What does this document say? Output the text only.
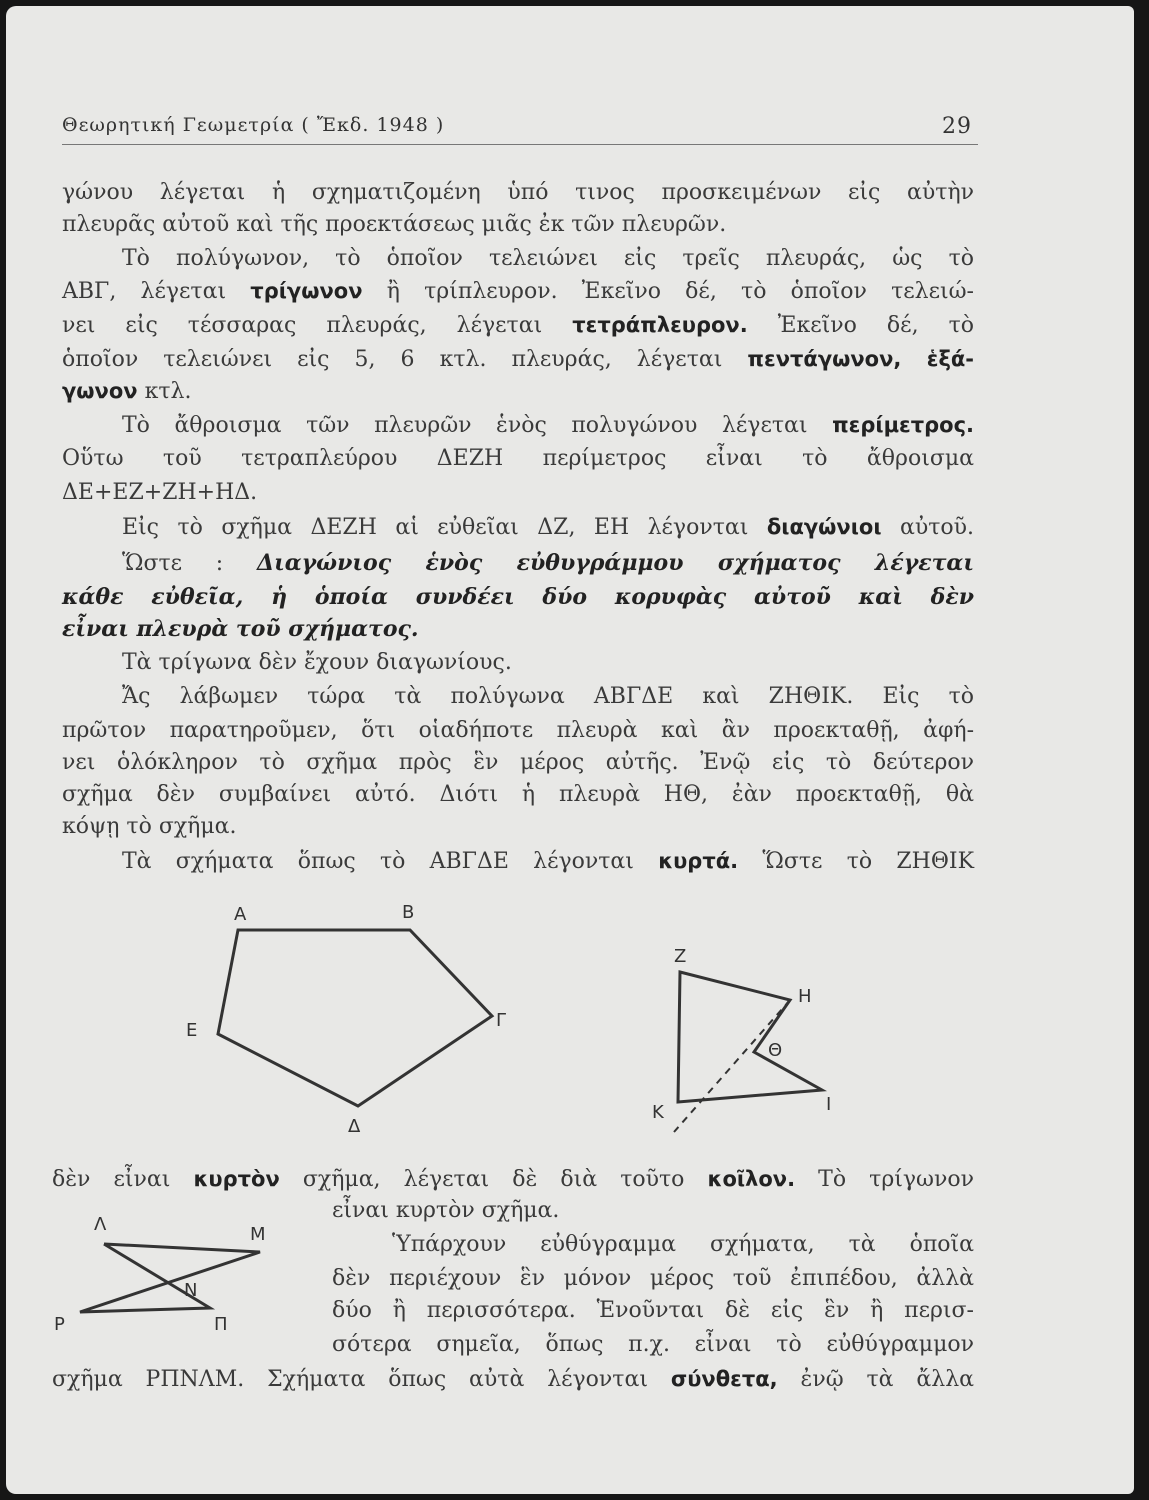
Θεωρητική Γεωμετρία ( Ἔκδ. 1948 )	29
γώνου λέγεται ἡ σχηματιζομένη ὑπό τινος προσκειμένων εἰς αὐτὴν
πλευρᾶς αὐτοῦ καὶ τῆς προεκτάσεως μιᾶς ἐκ τῶν πλευρῶν.
Τὸ πολύγωνον, τὸ ὁποῖον τελειώνει εἰς τρεῖς πλευράς, ὡς τὸ
ΑΒΓ, λέγεται τρίγωνον ἢ τρίπλευρον. Ἐκεῖνο δέ, τὸ ὁποῖον τελειώ-
νει εἰς τέσσαρας πλευράς, λέγεται τετράπλευρον. Ἐκεῖνο δέ, τὸ
ὁποῖον τελειώνει εἰς 5, 6 κτλ. πλευράς, λέγεται πεντάγωνον, ἑξά-
γωνον κτλ.
Τὸ ἄθροισμα τῶν πλευρῶν ἑνὸς πολυγώνου λέγεται περίμετρος.
Οὕτω τοῦ τετραπλεύρου ΔΕΖΗ περίμετρος εἶναι τὸ ἄθροισμα
ΔΕ+ΕΖ+ΖΗ+ΗΔ.
Εἰς τὸ σχῆμα ΔΕΖΗ αἱ εὐθεῖαι ΔΖ, ΕΗ λέγονται διαγώνιοι αὐτοῦ.
Ὥστε : Διαγώνιος ἑνὸς εὐθυγράμμου σχήματος λέγεται
κάθε εὐθεῖα, ἡ ὁποία συνδέει δύο κορυφὰς αὐτοῦ καὶ δὲν
εἶναι πλευρὰ τοῦ σχήματος.
Τὰ τρίγωνα δὲν ἔχουν διαγωνίους.
Ἄς λάβωμεν τώρα τὰ πολύγωνα ΑΒΓΔΕ καὶ ΖΗΘΙΚ. Εἰς τὸ
πρῶτον παρατηροῦμεν, ὅτι οἱαδήποτε πλευρὰ καὶ ἂν προεκταθῇ, ἀφή-
νει ὁλόκληρον τὸ σχῆμα πρὸς ἓν μέρος αὐτῆς. Ἐνῷ εἰς τὸ δεύτερον
σχῆμα δὲν συμβαίνει αὐτό. Διότι ἡ πλευρὰ ΗΘ, ἐὰν προεκταθῇ, θὰ
κόψῃ τὸ σχῆμα.
Τὰ σχήματα ὅπως τὸ ΑΒΓΔΕ λέγονται κυρτά. Ὥστε τὸ ΖΗΘΙΚ
A	B
Γ
Δ
E
Z
H
Θ
I
K
δὲν εἶναι κυρτὸν σχῆμα, λέγεται δὲ διὰ τοῦτο κοῖλον. Τὸ τρίγωνον
εἶναι κυρτὸν σχῆμα.
Λ	M
N
Π
P
Ὑπάρχουν εὐθύγραμμα σχήματα, τὰ ὁποῖα
δὲν περιέχουν ἓν μόνον μέρος τοῦ ἐπιπέδου, ἀλλὰ
δύο ἢ περισσότερα. Ἑνοῦνται δὲ εἰς ἓν ἢ περισ-
σότερα σημεῖα, ὅπως π.χ. εἶναι τὸ εὐθύγραμμον
σχῆμα ΡΠΝΛΜ. Σχήματα ὅπως αὐτὰ λέγονται σύνθετα, ἐνῷ τὰ ἄλλα
